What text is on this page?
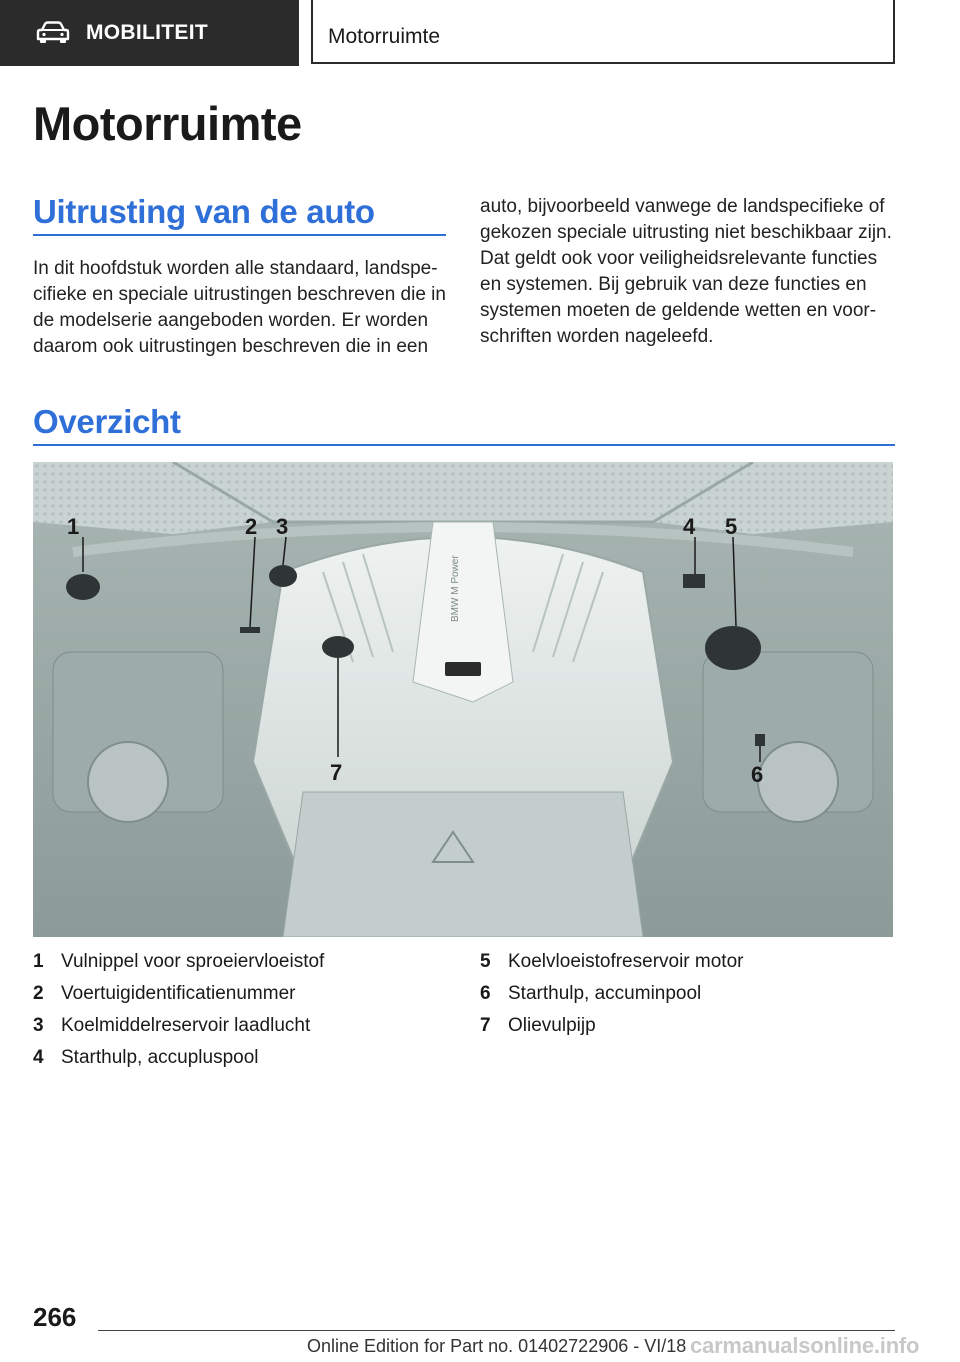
MOBILITEIT	Motorruimte
Motorruimte
Uitrusting van de auto
In dit hoofdstuk worden alle standaard, landspe-
cifieke en speciale uitrustingen beschreven die in
de modelserie aangeboden worden. Er worden
daarom ook uitrustingen beschreven die in een
auto, bijvoorbeeld vanwege de landspecifieke of
gekozen speciale uitrusting niet beschikbaar zijn.
Dat geldt ook voor veiligheidsrelevante functies
en systemen. Bij gebruik van deze functies en
systemen moeten de geldende wetten en voor-
schriften worden nageleefd.
Overzicht
BMW M Power
1	2 3	4 5
6
7
1 Vulnippel voor sproeiervloeistof
2 Voertuigidentificatienummer
3 Koelmiddelreservoir laadlucht
4 Starthulp, accupluspool
5 Koelvloeistofreservoir motor
6 Starthulp, accuminpool
7 Olievulpijp
266
Online Edition for Part no. 01402722906 - VI/18 carmanualsonline.info
